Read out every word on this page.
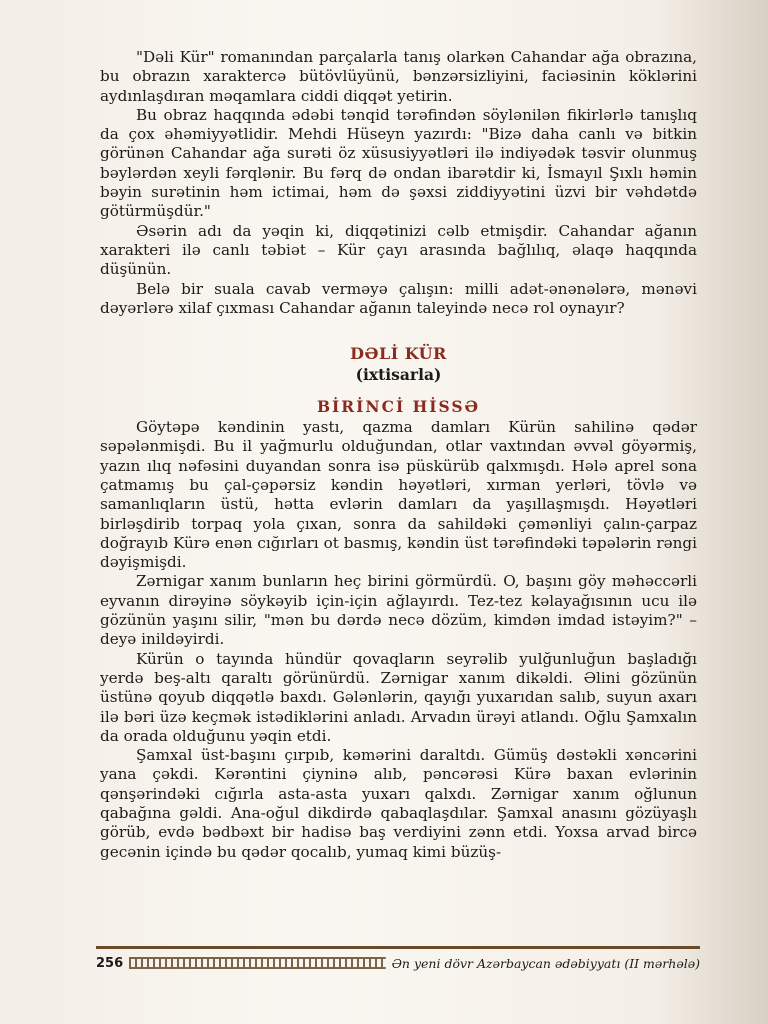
"Dəli Kür" romanından parçalarla tanış olarkən Cahandar ağa obrazına, bu obrazın xaraktercə bütövlüyünü, bənzərsizliyini, faciəsinin köklərini aydınlaşdıran məqamlara ciddi diqqət yetirin.

Bu obraz haqqında ədəbi tənqid tərəfindən söylənilən fikirlərlə tanışlıq da çox əhəmiyyətlidir. Mehdi Hüseyn yazırdı: "Bizə daha canlı və bitkin görünən Cahandar ağa surəti öz xüsusiyyətləri ilə indiyədək təsvir olunmuş bəylərdən xeyli fərqlənir. Bu fərq də ondan ibarətdir ki, İsmayıl Şıxlı həmin bəyin surətinin həm ictimai, həm də şəxsi ziddiyyətini üzvi bir vəhdətdə götürmüşdür."

Əsərin adı da yəqin ki, diqqətinizi cəlb etmişdir. Cahandar ağanın xarakteri ilə canlı təbiət – Kür çayı arasında bağlılıq, əlaqə haqqında düşünün.

Belə bir suala cavab verməyə çalışın: milli adət-ənənələrə, mənəvi dəyərlərə xilaf çıxması Cahandar ağanın taleyində necə rol oynayır?

DƏLİ KÜR
(ixtisarla)
BİRİNCİ HİSSƏ

Göytəpə kəndinin yastı, qazma damları Kürün sahilinə qədər səpələnmişdi. Bu il yağmurlu olduğundan, otlar vaxtından əvvəl göyərmiş, yazın ılıq nəfəsini duyandan sonra isə püskürüb qalxmışdı. Hələ aprel sona çatmamış bu çal-çəpərsiz kəndin həyətləri, xırman yerləri, tövlə və samanlıqların üstü, hətta evlərin damları da yaşıllaşmışdı. Həyətləri birləşdirib torpaq yola çıxan, sonra da sahildəki çəmənliyi çalın-çarpaz doğrayıb Kürə enən cığırları ot basmış, kəndin üst tərəfindəki təpələrin rəngi dəyişmişdi.

Zərnigar xanım bunların heç birini görmürdü. O, başını göy məhəccərli eyvanın dirəyinə söykəyib için-için ağlayırdı. Tez-tez kəlayağısının ucu ilə gözünün yaşını silir, "mən bu dərdə necə dözüm, kimdən imdad istəyim?" – deyə inildəyirdi.

Kürün o tayında hündür qovaqların seyrəlib yulğunluğun başladığı yerdə beş-altı qaraltı görünürdü. Zərnigar xanım dikəldi. Əlini gözünün üstünə qoyub diqqətlə baxdı. Gələnlərin, qayığı yuxarıdan salıb, suyun axarı ilə bəri üzə keçmək istədiklərini anladı. Arvadın ürəyi atlandı. Oğlu Şamxalın da orada olduğunu yəqin etdi.

Şamxal üst-başını çırpıb, kəmərini daraltdı. Gümüş dəstəkli xəncərini yana çəkdi. Kərəntini çiyninə alıb, pəncərəsi Kürə baxan evlərinin qənşərindəki cığırla asta-asta yuxarı qalxdı. Zərnigar xanım oğlunun qabağına gəldi. Ana-oğul dikdirdə qabaqlaşdılar. Şamxal anasını gözüyaşlı görüb, evdə bədbəxt bir hadisə baş verdiyini zənn etdi. Yoxsa arvad bircə gecənin içində bu qədər qocalıb, yumaq kimi büzüş-

256	Ən yeni dövr Azərbaycan ədəbiyyatı (II mərhələ)
